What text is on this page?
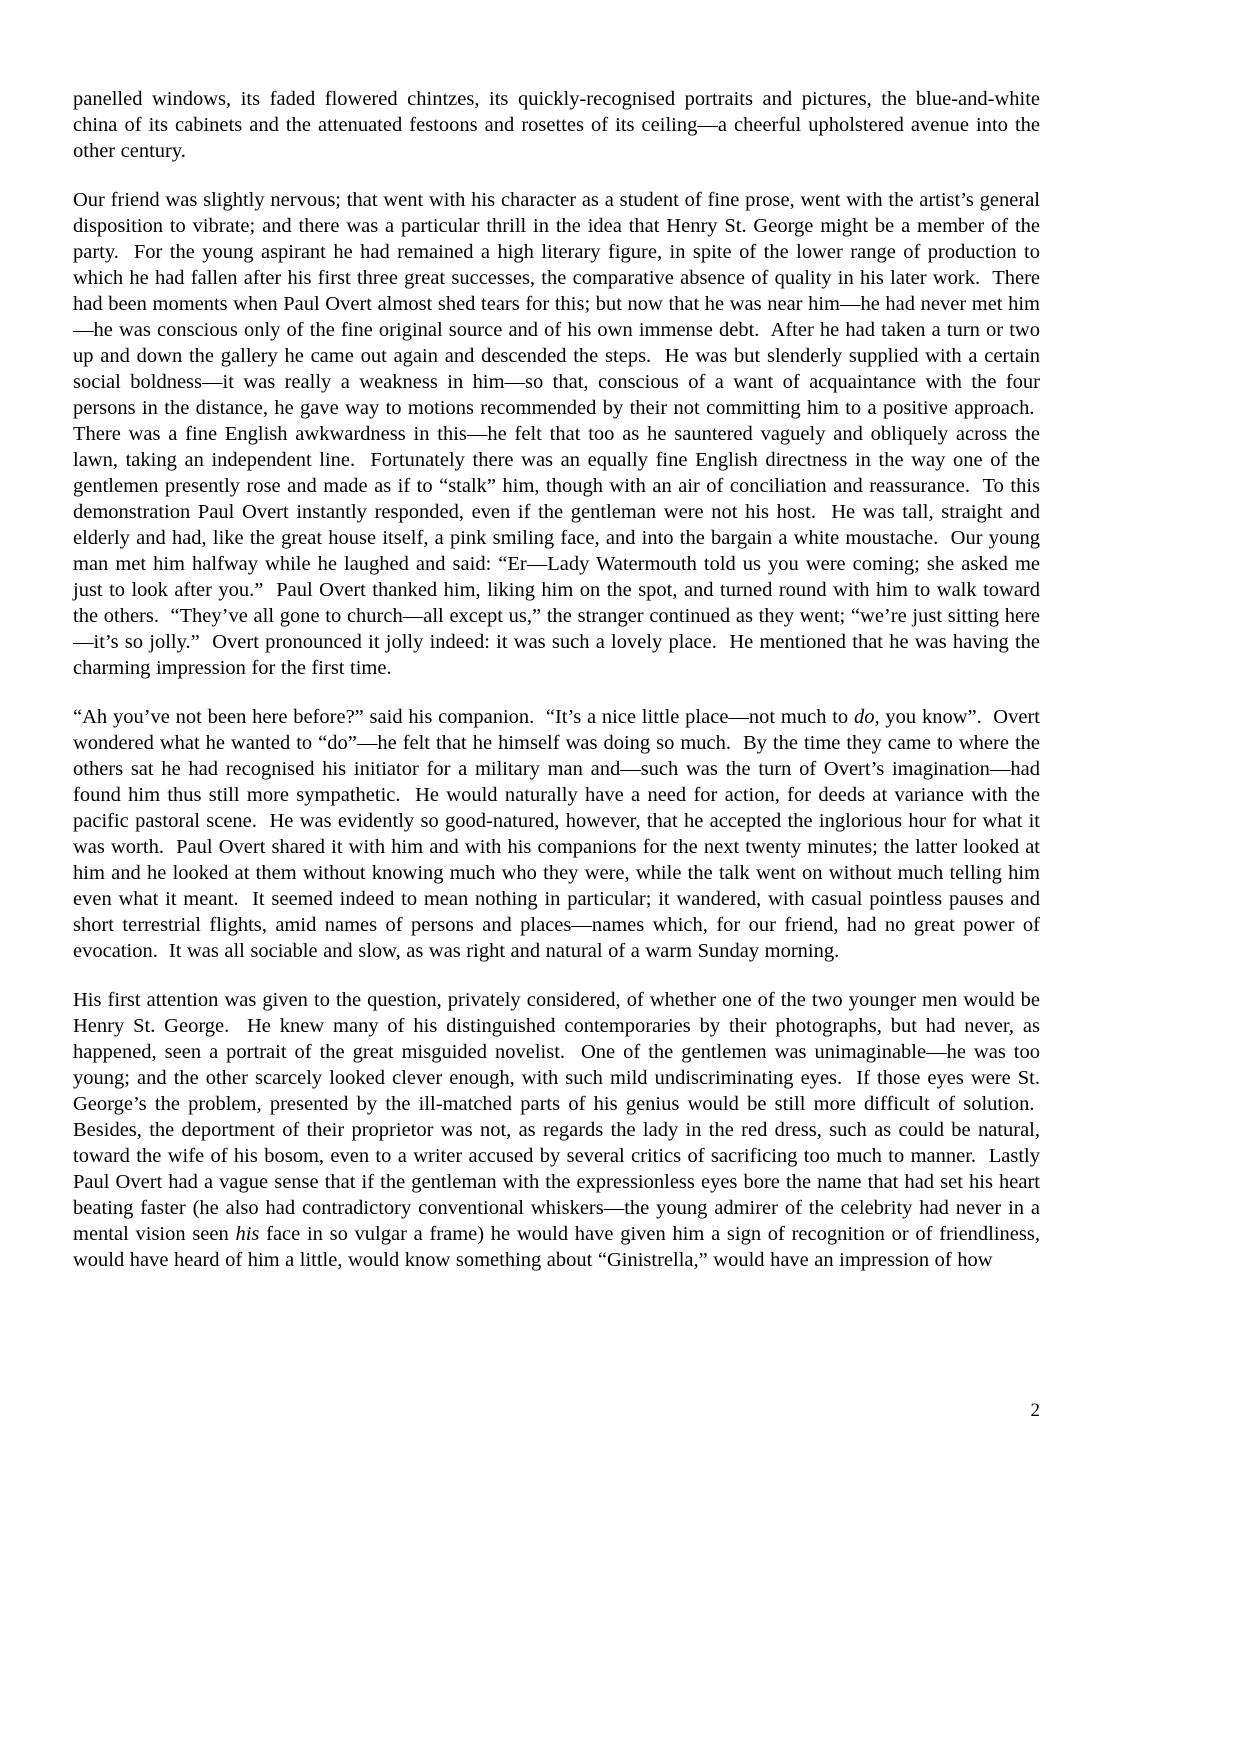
panelled windows, its faded flowered chintzes, its quickly-recognised portraits and pictures, the blue-and-white china of its cabinets and the attenuated festoons and rosettes of its ceiling—a cheerful upholstered avenue into the other century.

Our friend was slightly nervous; that went with his character as a student of fine prose, went with the artist’s general disposition to vibrate; and there was a particular thrill in the idea that Henry St. George might be a member of the party.  For the young aspirant he had remained a high literary figure, in spite of the lower range of production to which he had fallen after his first three great successes, the comparative absence of quality in his later work.  There had been moments when Paul Overt almost shed tears for this; but now that he was near him—he had never met him—he was conscious only of the fine original source and of his own immense debt.  After he had taken a turn or two up and down the gallery he came out again and descended the steps.  He was but slenderly supplied with a certain social boldness—it was really a weakness in him—so that, conscious of a want of acquaintance with the four persons in the distance, he gave way to motions recommended by their not committing him to a positive approach.  There was a fine English awkwardness in this—he felt that too as he sauntered vaguely and obliquely across the lawn, taking an independent line.  Fortunately there was an equally fine English directness in the way one of the gentlemen presently rose and made as if to “stalk” him, though with an air of conciliation and reassurance.  To this demonstration Paul Overt instantly responded, even if the gentleman were not his host.  He was tall, straight and elderly and had, like the great house itself, a pink smiling face, and into the bargain a white moustache.  Our young man met him halfway while he laughed and said: “Er—Lady Watermouth told us you were coming; she asked me just to look after you.”  Paul Overt thanked him, liking him on the spot, and turned round with him to walk toward the others.  “They’ve all gone to church—all except us,” the stranger continued as they went; “we’re just sitting here—it’s so jolly.”  Overt pronounced it jolly indeed: it was such a lovely place.  He mentioned that he was having the charming impression for the first time.

“Ah you’ve not been here before?” said his companion.  “It’s a nice little place—not much to do, you know”.  Overt wondered what he wanted to “do”—he felt that he himself was doing so much.  By the time they came to where the others sat he had recognised his initiator for a military man and—such was the turn of Overt’s imagination—had found him thus still more sympathetic.  He would naturally have a need for action, for deeds at variance with the pacific pastoral scene.  He was evidently so good-natured, however, that he accepted the inglorious hour for what it was worth.  Paul Overt shared it with him and with his companions for the next twenty minutes; the latter looked at him and he looked at them without knowing much who they were, while the talk went on without much telling him even what it meant.  It seemed indeed to mean nothing in particular; it wandered, with casual pointless pauses and short terrestrial flights, amid names of persons and places—names which, for our friend, had no great power of evocation.  It was all sociable and slow, as was right and natural of a warm Sunday morning.

His first attention was given to the question, privately considered, of whether one of the two younger men would be Henry St. George.  He knew many of his distinguished contemporaries by their photographs, but had never, as happened, seen a portrait of the great misguided novelist.  One of the gentlemen was unimaginable—he was too young; and the other scarcely looked clever enough, with such mild undiscriminating eyes.  If those eyes were St. George’s the problem, presented by the ill-matched parts of his genius would be still more difficult of solution.  Besides, the deportment of their proprietor was not, as regards the lady in the red dress, such as could be natural, toward the wife of his bosom, even to a writer accused by several critics of sacrificing too much to manner.  Lastly Paul Overt had a vague sense that if the gentleman with the expressionless eyes bore the name that had set his heart beating faster (he also had contradictory conventional whiskers—the young admirer of the celebrity had never in a mental vision seen his face in so vulgar a frame) he would have given him a sign of recognition or of friendliness, would have heard of him a little, would know something about “Ginistrella,” would have an impression of how

2
